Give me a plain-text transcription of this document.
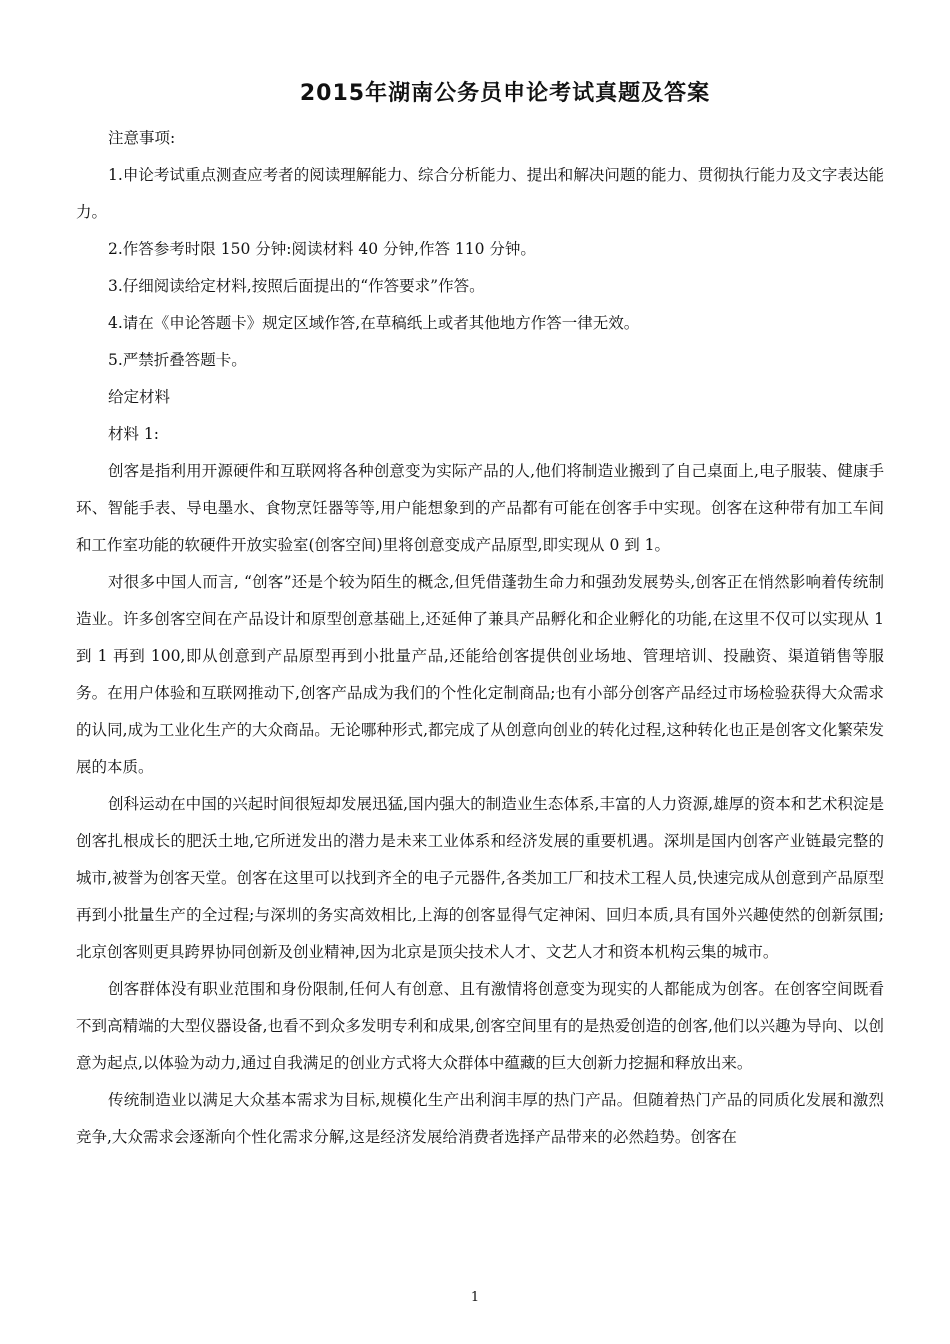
2015年湖南公务员申论考试真题及答案

注意事项:

1.申论考试重点测查应考者的阅读理解能力、综合分析能力、提出和解决问题的能力、贯彻执行能力及文字表达能力。

2.作答参考时限 150 分钟:阅读材料 40 分钟,作答 110 分钟。

3.仔细阅读给定材料,按照后面提出的“作答要求”作答。

4.请在《申论答题卡》规定区域作答,在草稿纸上或者其他地方作答一律无效。

5.严禁折叠答题卡。

给定材料

材料 1:

创客是指利用开源硬件和互联网将各种创意变为实际产品的人,他们将制造业搬到了自己桌面上,电子服装、健康手环、智能手表、导电墨水、食物烹饪器等等,用户能想象到的产品都有可能在创客手中实现。创客在这种带有加工车间和工作室功能的软硬件开放实验室(创客空间)里将创意变成产品原型,即实现从 0 到 1。

对很多中国人而言, “创客”还是个较为陌生的概念,但凭借蓬勃生命力和强劲发展势头,创客正在悄然影响着传统制造业。许多创客空间在产品设计和原型创意基础上,还延伸了兼具产品孵化和企业孵化的功能,在这里不仅可以实现从 1 到 1 再到 100,即从创意到产品原型再到小批量产品,还能给创客提供创业场地、管理培训、投融资、渠道销售等服务。在用户体验和互联网推动下,创客产品成为我们的个性化定制商品;也有小部分创客产品经过市场检验获得大众需求的认同,成为工业化生产的大众商品。无论哪种形式,都完成了从创意向创业的转化过程,这种转化也正是创客文化繁荣发展的本质。

创科运动在中国的兴起时间很短却发展迅猛,国内强大的制造业生态体系,丰富的人力资源,雄厚的资本和艺术积淀是创客扎根成长的肥沃土地,它所迸发出的潜力是未来工业体系和经济发展的重要机遇。深圳是国内创客产业链最完整的城市,被誉为创客天堂。创客在这里可以找到齐全的电子元器件,各类加工厂和技术工程人员,快速完成从创意到产品原型再到小批量生产的全过程;与深圳的务实高效相比,上海的创客显得气定神闲、回归本质,具有国外兴趣使然的创新氛围;北京创客则更具跨界协同创新及创业精神,因为北京是顶尖技术人才、文艺人才和资本机构云集的城市。

创客群体没有职业范围和身份限制,任何人有创意、且有激情将创意变为现实的人都能成为创客。在创客空间既看不到高精端的大型仪器设备,也看不到众多发明专利和成果,创客空间里有的是热爱创造的创客,他们以兴趣为导向、以创意为起点,以体验为动力,通过自我满足的创业方式将大众群体中蕴藏的巨大创新力挖掘和释放出来。

传统制造业以满足大众基本需求为目标,规模化生产出利润丰厚的热门产品。但随着热门产品的同质化发展和激烈竞争,大众需求会逐渐向个性化需求分解,这是经济发展给消费者选择产品带来的必然趋势。创客在

1
